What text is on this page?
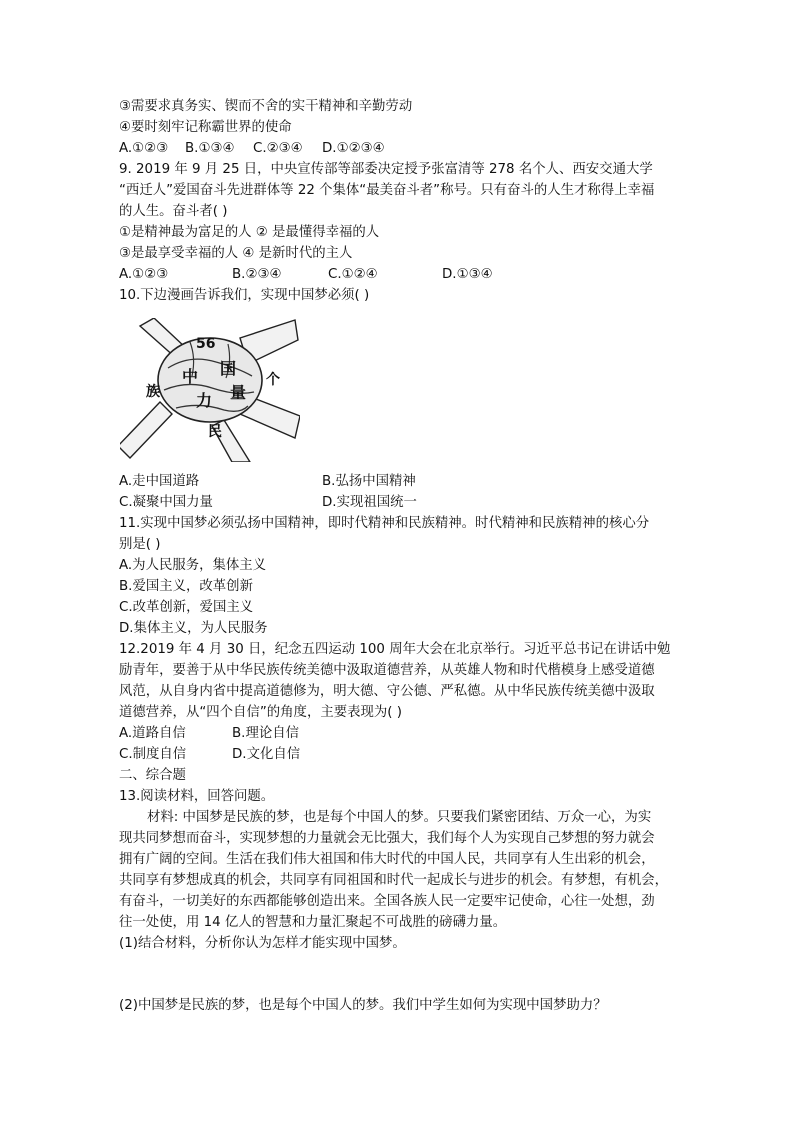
③需要求真务实、锲而不舍的实干精神和辛勤劳动
④要时刻牢记称霸世界的使命
A.①②③ B.①③④ C.②③④ D.①②③④
9. 2019 年 9 月 25 日，中央宣传部等部委决定授予张富清等 278 名个人、西安交通大学
“西迁人”爱国奋斗先进群体等 22 个集体“最美奋斗者”称号。只有奋斗的人生才称得上幸福
的人生。奋斗者( )
①是精神最为富足的人 ② 是最懂得幸福的人
③是最享受幸福的人 ④ 是新时代的主人
A.①②③	B.②③④	C.①②④	D.①③④
10.下边漫画告诉我们，实现中国梦必须( )
56
中 国
个
族 力 量
民
A.走中国道路	B.弘扬中国精神
C.凝聚中国力量	D.实现祖国统一
11.实现中国梦必须弘扬中国精神，即时代精神和民族精神。时代精神和民族精神的核心分
别是( )
A.为人民服务，集体主义
B.爱国主义，改革创新
C.改革创新，爱国主义
D.集体主义，为人民服务
12.2019 年 4 月 30 日，纪念五四运动 100 周年大会在北京举行。习近平总书记在讲话中勉
励青年，要善于从中华民族传统美德中汲取道德营养，从英雄人物和时代楷模身上感受道德
风范，从自身内省中提高道德修为，明大德、守公德、严私德。从中华民族传统美德中汲取
道德营养，从“四个自信”的角度，主要表现为( )
A.道路自信	B.理论自信
C.制度自信	D.文化自信
二、综合题
13.阅读材料，回答问题。
材料: 中国梦是民族的梦，也是每个中国人的梦。只要我们紧密团结、万众一心，为实
现共同梦想而奋斗，实现梦想的力量就会无比强大，我们每个人为实现自己梦想的努力就会
拥有广阔的空间。生活在我们伟大祖国和伟大时代的中国人民，共同享有人生出彩的机会，
共同享有梦想成真的机会，共同享有同祖国和时代一起成长与进步的机会。有梦想，有机会，
有奋斗，一切美好的东西都能够创造出来。全国各族人民一定要牢记使命，心往一处想，劲
往一处使，用 14 亿人的智慧和力量汇聚起不可战胜的磅礴力量。
(1)结合材料，分析你认为怎样才能实现中国梦。
(2)中国梦是民族的梦，也是每个中国人的梦。我们中学生如何为实现中国梦助力？
